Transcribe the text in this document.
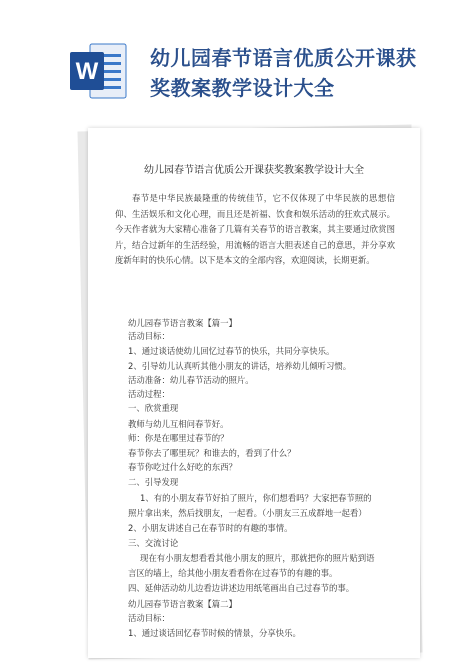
W	幼儿园春节语言优质公开课获
奖教案教学设计大全
幼儿园春节语言优质公开课获奖教案教学设计大全
春节是中华民族最隆重的传统佳节，它不仅体现了中华民族的思想信仰、生活娱乐和文化心理，而且还是祈福、饮食和娱乐活动的狂欢式展示。今天作者就为大家精心准备了几篇有关春节的语言教案，其主要通过欣赏图片，结合过新年的生活经验，用流畅的语言大胆表述自己的意思，并分享欢度新年时的快乐心情。以下是本文的全部内容，欢迎阅读，长期更新。
幼儿园春节语言教案【篇一】
活动目标：
1、通过谈话使幼儿回忆过春节的快乐，共同分享快乐。
2、引导幼儿认真听其他小朋友的讲话，培养幼儿倾听习惯。
活动准备：幼儿春节活动的照片。
活动过程：
一、欣赏重现
教师与幼儿互相问春节好。
师：你是在哪里过春节的？
春节你去了哪里玩？和谁去的，看到了什么？
春节你吃过什么好吃的东西？
二、引导发现
1、有的小朋友春节好拍了照片，你们想看吗？大家把春节照的
照片拿出来，然后找朋友，一起看。（小朋友三五成群地一起看）
2、小朋友讲述自己在春节时的有趣的事情。
三、交流讨论
现在有小朋友想看看其他小朋友的照片，那就把你的照片贴到语
言区的墙上，给其他小朋友看看你在过春节的有趣的事。
四、延伸活动幼儿边看边讲述边用纸笔画出自己过春节的事。
幼儿园春节语言教案【篇二】
活动目标：
1、通过谈话回忆春节时候的情景，分享快乐。
